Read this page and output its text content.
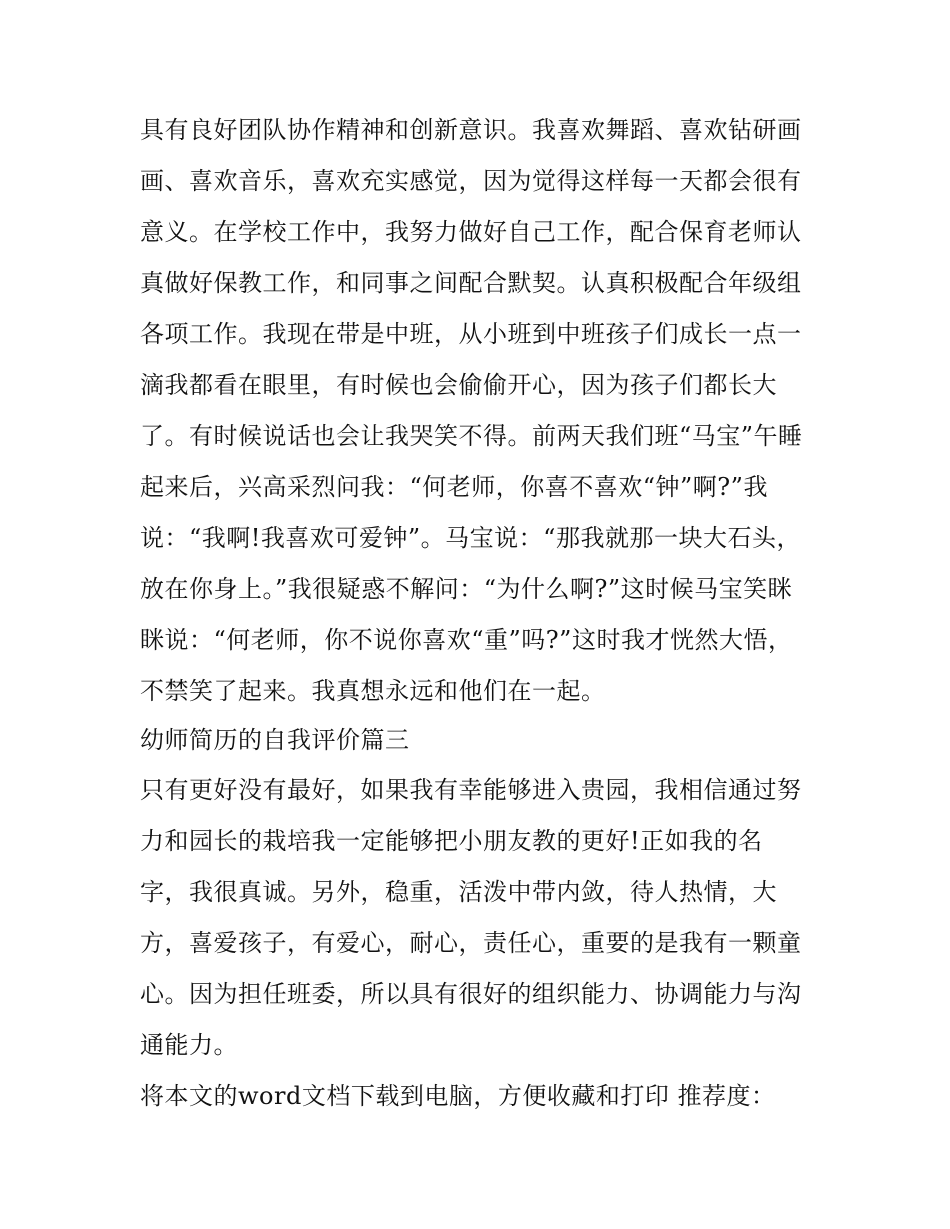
具有良好团队协作精神和创新意识。我喜欢舞蹈、喜欢钻研画
画、喜欢音乐，喜欢充实感觉，因为觉得这样每一天都会很有
意义。在学校工作中，我努力做好自己工作，配合保育老师认
真做好保教工作，和同事之间配合默契。认真积极配合年级组
各项工作。我现在带是中班，从小班到中班孩子们成长一点一
滴我都看在眼里，有时候也会偷偷开心，因为孩子们都长大
了。有时候说话也会让我哭笑不得。前两天我们班“马宝”午睡
起来后，兴高采烈问我：“何老师，你喜不喜欢“钟”啊?”我
说：“我啊!我喜欢可爱钟”。马宝说：“那我就那一块大石头，
放在你身上。”我很疑惑不解问：“为什么啊?”这时候马宝笑眯
眯说：“何老师，你不说你喜欢“重”吗?”这时我才恍然大悟，
不禁笑了起来。我真想永远和他们在一起。
幼师简历的自我评价篇三
只有更好没有最好，如果我有幸能够进入贵园，我相信通过努
力和园长的栽培我一定能够把小朋友教的更好!正如我的名
字，我很真诚。另外，稳重，活泼中带内敛，待人热情，大
方，喜爱孩子，有爱心，耐心，责任心，重要的是我有一颗童
心。因为担任班委，所以具有很好的组织能力、协调能力与沟
通能力。
将本文的word文档下载到电脑，方便收藏和打印 推荐度：
